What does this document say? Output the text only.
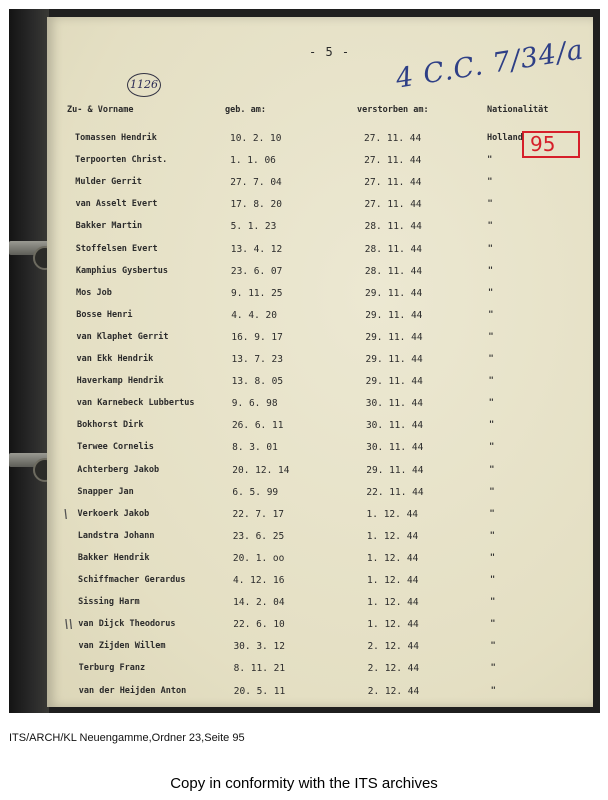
- 5 - 4 C.C. 7/34/a
1126
95
Zu- & Vorname	geb. am:	verstorben am:	Nationalität
Tomassen Hendrik	10. 2. 10	27. 11. 44	Holland
Terpoorten Christ.	1. 1. 06	27. 11. 44	"
Mulder Gerrit	27. 7. 04	27. 11. 44	"
van Asselt Evert	17. 8. 20	27. 11. 44	"
Bakker Martin	5. 1. 23	28. 11. 44	"
Stoffelsen Evert	13. 4. 12	28. 11. 44	"
Kamphius Gysbertus	23. 6. 07	28. 11. 44	"
Mos Job	9. 11. 25	29. 11. 44	"
Bosse Henri	4. 4. 20	29. 11. 44	"
van Klaphet Gerrit	16. 9. 17	29. 11. 44	"
van Ekk Hendrik	13. 7. 23	29. 11. 44	"
Haverkamp Hendrik	13. 8. 05	29. 11. 44	"
van Karnebeck Lubbertus	9. 6. 98	30. 11. 44	"
Bokhorst Dirk	26. 6. 11	30. 11. 44	"
Terwee Cornelis	8. 3. 01	30. 11. 44	"
Achterberg Jakob	20. 12. 14	29. 11. 44	"
Snapper Jan	6. 5. 99	22. 11. 44	"
\ Verkoerk Jakob	22. 7. 17	1. 12. 44	"
Landstra Johann	23. 6. 25	1. 12. 44	"
Bakker Hendrik	20. 1. oo	1. 12. 44	"
Schiffmacher Gerardus	4. 12. 16	1. 12. 44	"
Sissing Harm	14. 2. 04	1. 12. 44	"
\\ van Dijck Theodorus	22. 6. 10	1. 12. 44	"
van Zijden Willem	30. 3. 12	2. 12. 44	"
Terburg Franz	8. 11. 21	2. 12. 44	"
van der Heijden Anton	20. 5. 11	2. 12. 44	"
ITS/ARCH/KL Neuengamme,Ordner 23,Seite 95
Copy in conformity with the ITS archives
